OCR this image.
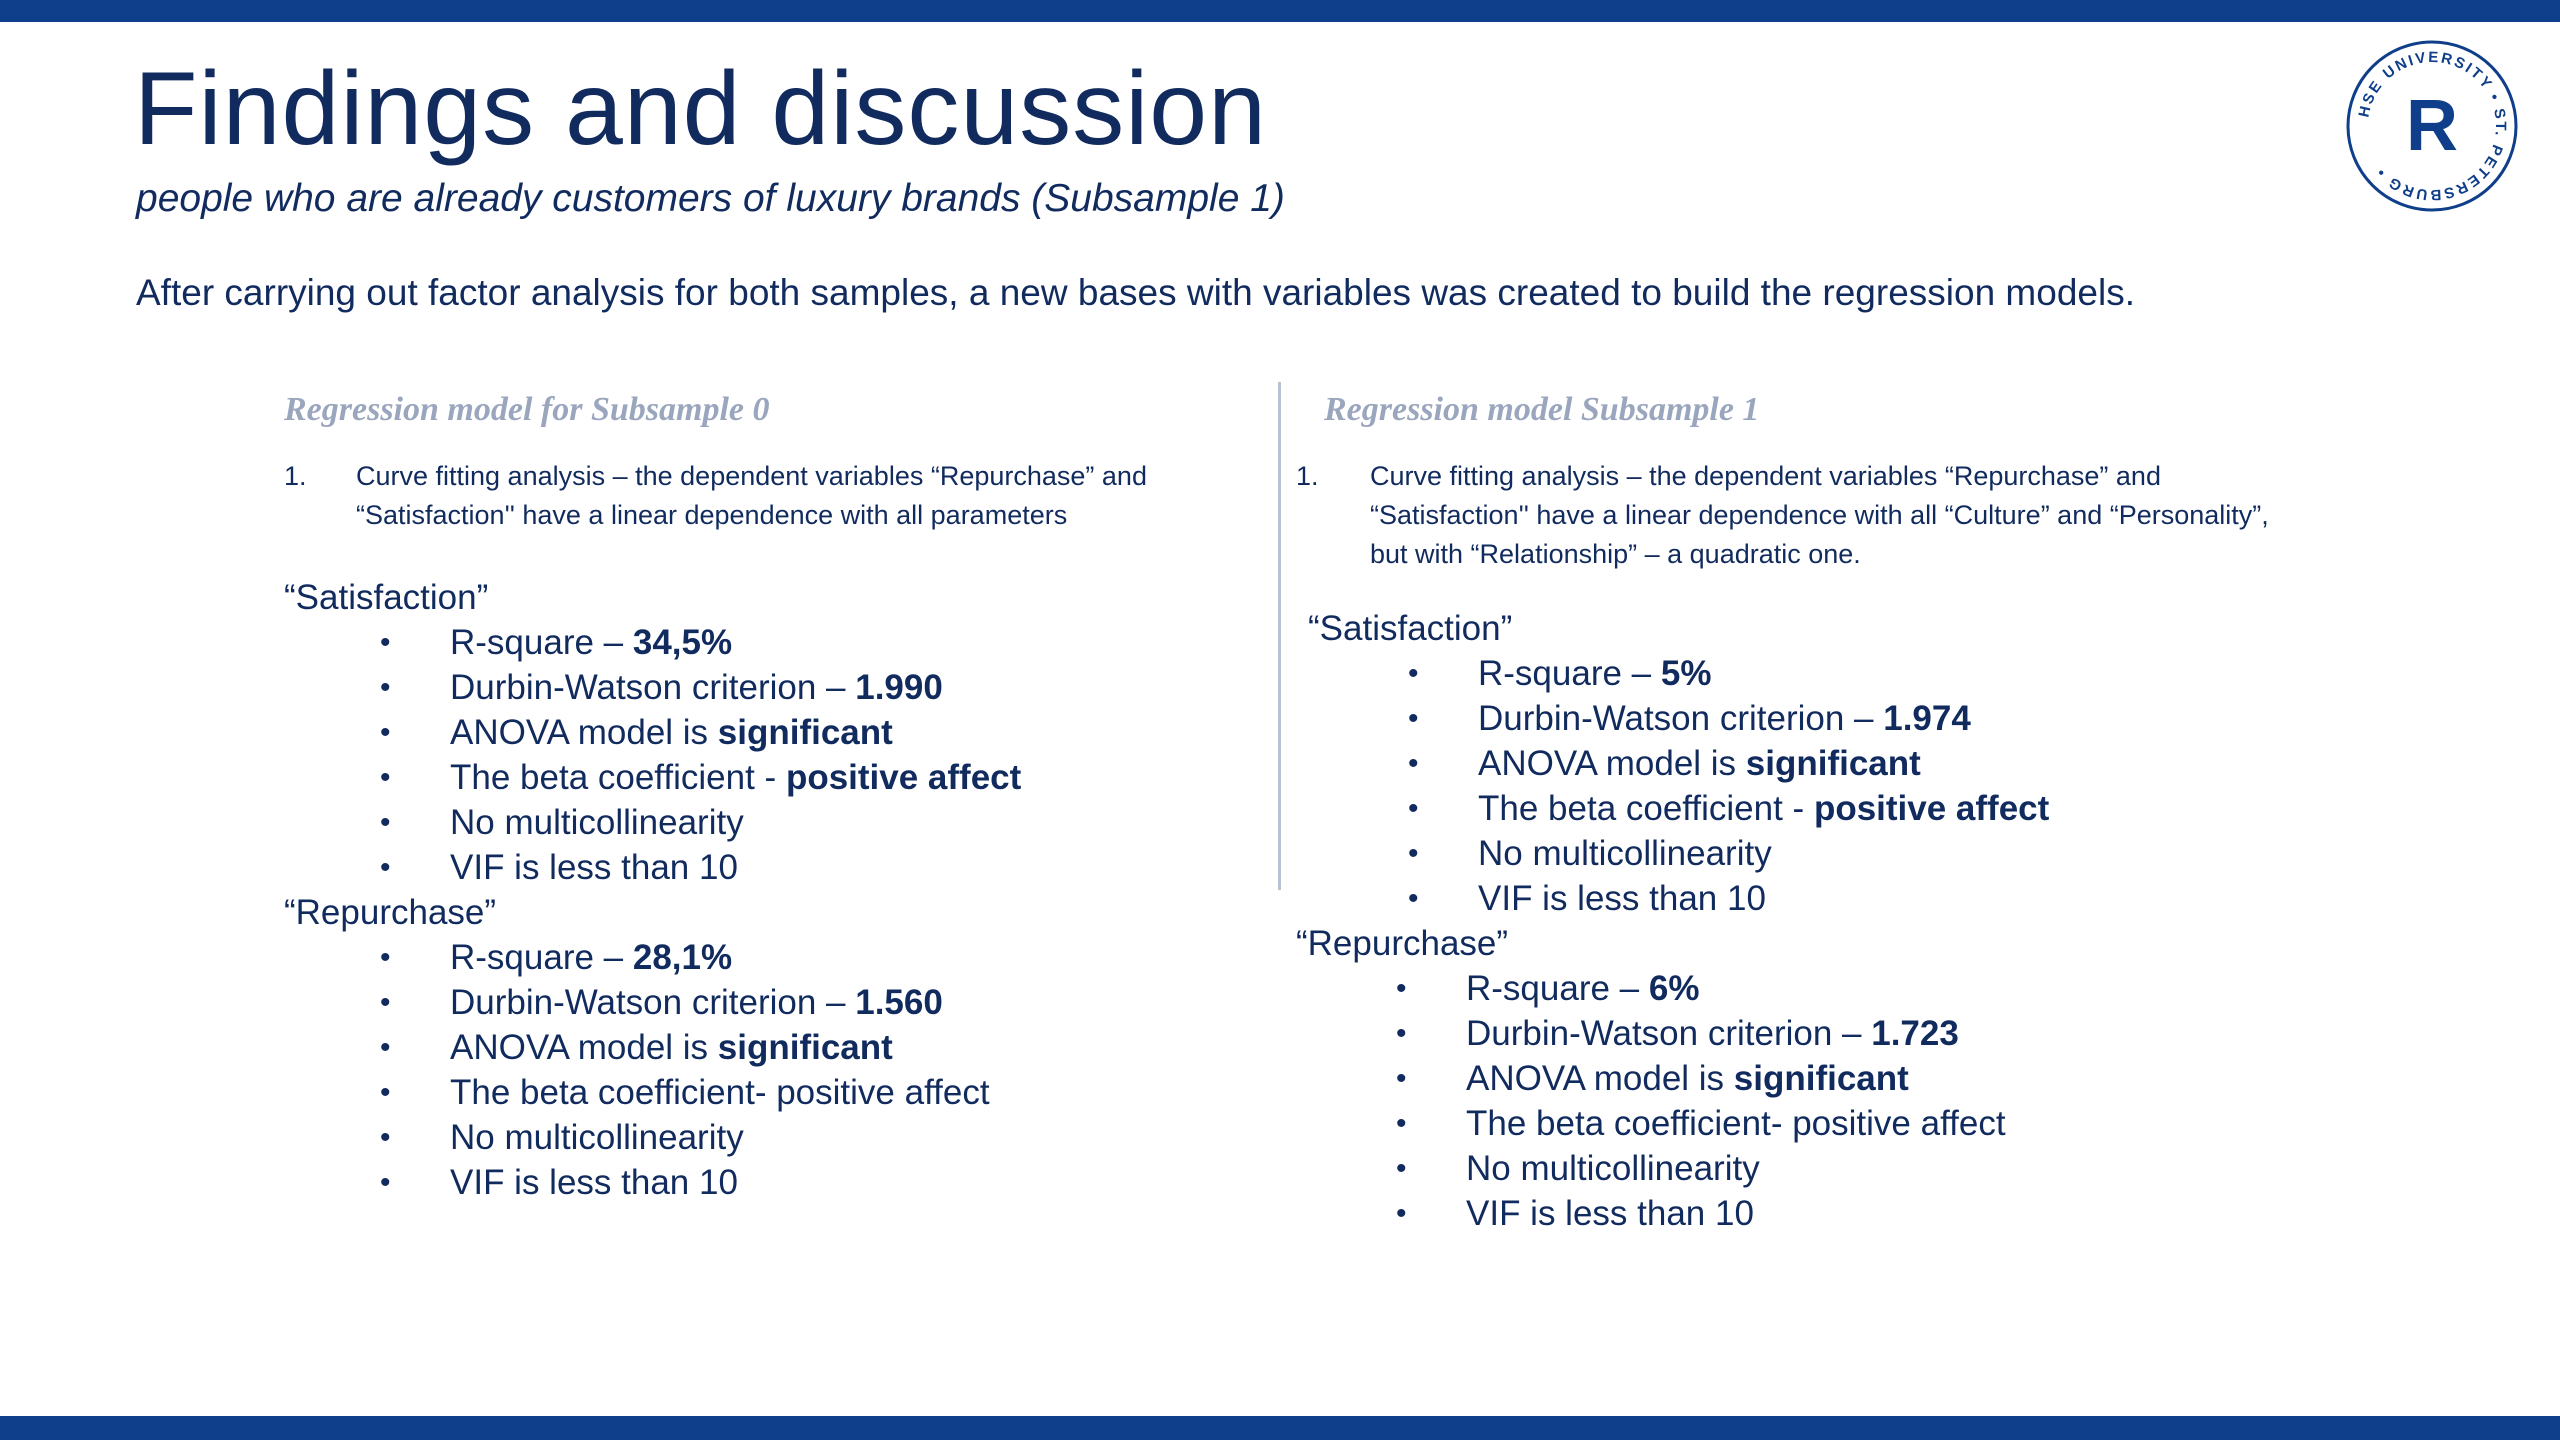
Findings and discussion
people who are already customers of luxury brands (Subsample 1)
After carrying out factor analysis for both samples, a new bases with variables was created to build the regression models.
HSE UNIVERSITY • ST. PETERSBURG •
R
Regression model for Subsample 0
1.	Curve fitting analysis – the dependent variables “Repurchase” and “Satisfaction'' have a linear dependence with all parameters
“Satisfaction”
• R-square – 34,5%
• Durbin-Watson criterion – 1.990
• ANOVA model is significant
• The beta coefficient - positive affect
• No multicollinearity
• VIF is less than 10
“Repurchase”
• R-square – 28,1%
• Durbin-Watson criterion – 1.560
• ANOVA model is significant
• The beta coefficient- positive affect
• No multicollinearity
• VIF is less than 10
Regression model Subsample 1
1.	Curve fitting analysis – the dependent variables “Repurchase” and “Satisfaction'' have a linear dependence with all “Culture” and “Personality”, but with “Relationship” – a quadratic one.
“Satisfaction”
• R-square – 5%
• Durbin-Watson criterion – 1.974
• ANOVA model is significant
• The beta coefficient - positive affect
• No multicollinearity
• VIF is less than 10
“Repurchase”
• R-square – 6%
• Durbin-Watson criterion – 1.723
• ANOVA model is significant
• The beta coefficient- positive affect
• No multicollinearity
• VIF is less than 10
